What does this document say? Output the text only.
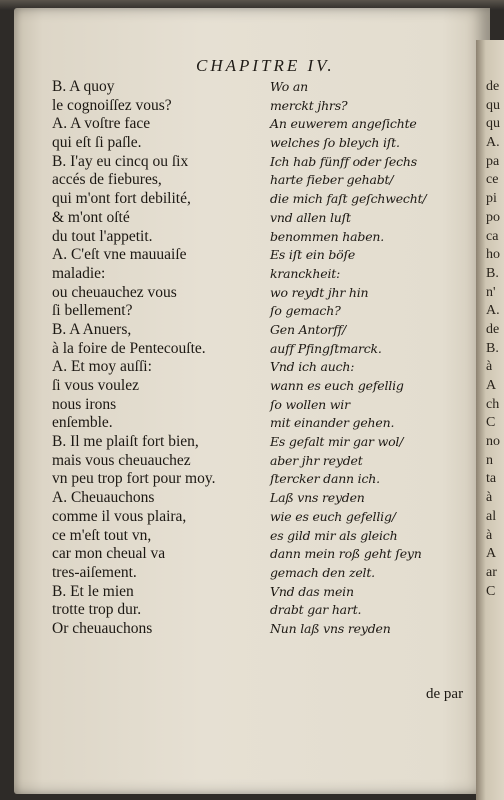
CHAPITRE IV.
B. A quoy
le cognoiſſez vous?
A. A voſtre face
qui eſt ſi paſle.
B. I'ay eu cincq ou ſix
accés de fiebures,
qui m'ont fort debilité,
& m'ont oſté
du tout l'appetit.
A. C'eſt vne mauuaiſe
maladie:
ou cheuauchez vous
ſi bellement?
B. A Anuers,
à la foire de Pentecouſte.
A. Et moy auſſi:
ſi vous voulez
nous irons
enſemble.
B. Il me plaiſt fort bien,
mais vous cheuauchez
vn peu trop fort pour moy.
A. Cheuauchons
comme il vous plaira,
ce m'eſt tout vn,
car mon cheual va
tres-aiſement.
B. Et le mien
trotte trop dur.
Or cheuauchons
Wo an
merckt jhrs?
An euwerem angeſichte
welches ſo bleych iſt.
Ich hab fünff oder ſechs
harte fieber gehabt/
die mich faſt geſchwecht/
vnd allen luſt
benommen haben.
Es iſt ein böſe
kranckheit:
wo reydt jhr hin
ſo gemach?
Gen Antorff/
auff Pfingſtmarck.
Vnd ich auch:
wann es euch gefellig
ſo wollen wir
mit einander gehen.
Es gefalt mir gar wol/
aber jhr reydet
ſtercker dann ich.
Laß vns reyden
wie es euch gefellig/
es gild mir als gleich
dann mein roß geht ſeyn
gemach den zelt.
Vnd das mein
drabt gar hart.
Nun laß vns reyden
de
qu
qu
A.
pa
ce
pi
po
ca
ho
B.
n'
A.
de
B.
à
A
ch
C
no
n
ta
à
al
à
A
ar
C
de par
